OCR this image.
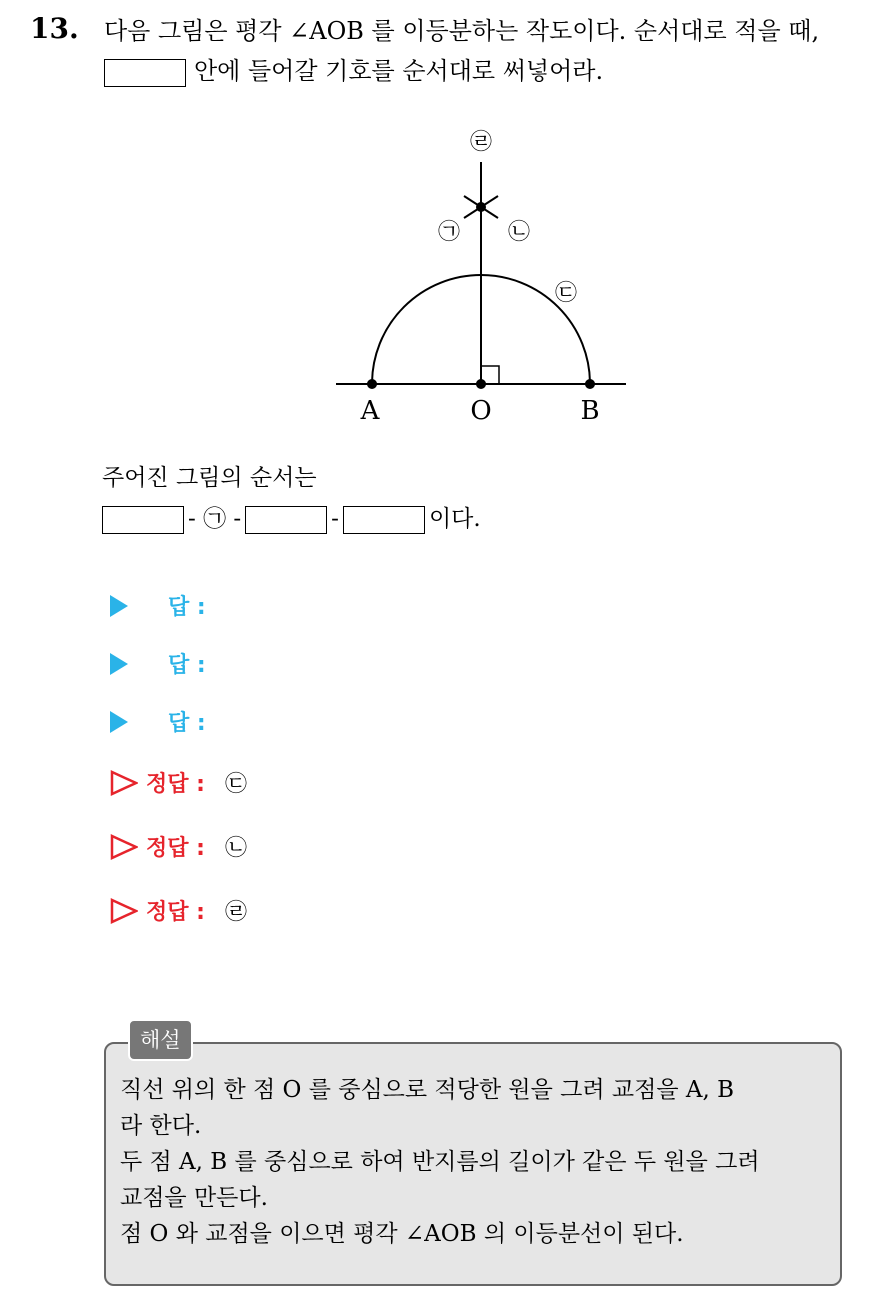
13. 다음 그림은 평각 ∠AOB 를 이등분하는 작도이다. 순서대로 적을 때,
안에 들어갈 기호를 순서대로 써넣어라.
A	O	B
㉣
㉠ ㉡
㉢
주어진 그림의 순서는
- ㉠ -	-	이다.
답 :
답 :
답 :
정답 : ㉢
정답 : ㉡
정답 : ㉣
해설
직선 위의 한 점 O 를 중심으로 적당한 원을 그려 교점을 A, B
라 한다.
두 점 A, B 를 중심으로 하여 반지름의 길이가 같은 두 원을 그려
교점을 만든다.
점 O 와 교점을 이으면 평각 ∠AOB 의 이등분선이 된다.
